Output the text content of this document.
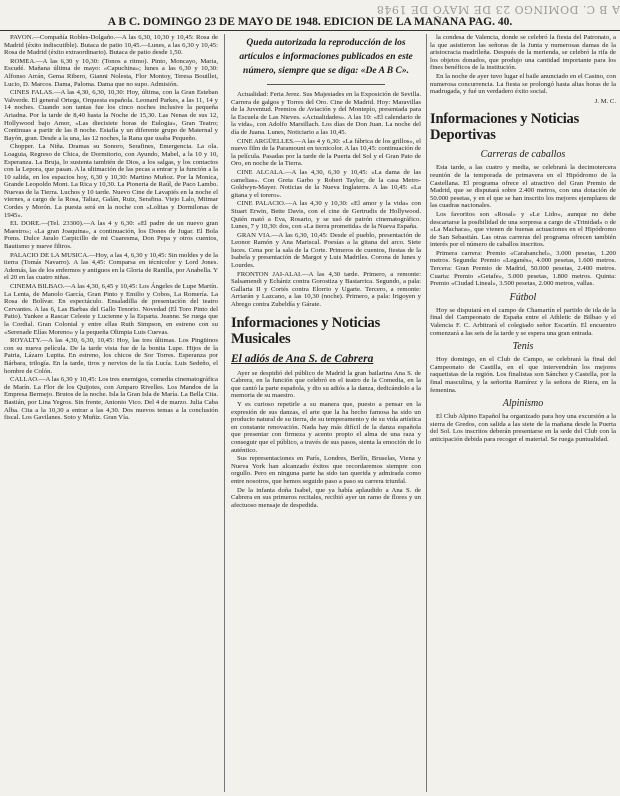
A B C. DOMINGO 23 DE MAYO DE 1948
A B C. DOMINGO 23 DE MAYO DE 1948. EDICION DE LA MAÑANA PAG. 40.

PAVON.—Compañía Robles-Dolgaño.—A las 6,30, 10,30 y 10,45: Rosa de Madrid (éxito indiscutible). Butaca de patio 10,45.—Lunes, a las 6,30 y 10,45: Rosa de Madrid (éxito extraordinario). Butaca de patio desde 1,50.

ROMEA.—A las 6,30 y 10,30: (Tonos a ritmo). Pinto, Moncayo, Maria, Escudé. Mañana última de mayo: «Capuchina»; lunes a las 6,30 y 10,30: Alfonso Arrán, Gema Ribero, Gianni Nolesta, Flor Montoy, Teresa Bouillet, Lucio, D. Marcos. Dama, Paloma. Dama que no supo. Admisión.

CINES FALAS.—A las 4,30, 6,30, 10,30: Hoy, última, con la Gran Esteban Valverde. El general Ortega, Orquesta española. Leonard Parkes, a las 11, 14 y 14 noches. Cuando son tantas fue los cinco noches inclusive la pequeña Ariadna. Por la tarde de 8,40 hasta la Noche de 15,30. Las Nenas de sus 12, Hollywood bajo Amor, «Las diecisiete horas de Eulogia», Gran Teatro; Continuas a partir de las 8 noche. Estafía y un diferente grupo de Maternal y Bayón, gran. Desde a la una, las 12 noches, la Rana que usaba Pequeño.

Chopper. La Niña. Dramas su Sonoro, Serafines, Emergencia. La ola. Loaguia, Regreso de Chica, de Dormitorio, con Ayundo, Mabel, a la 10 y 10, Esperanza. La Bruja, lo sustenta también de Dios, a los salgas, y los contactos con la Lepora, que pasan. A la ultimación de las pecas a entrar y la función a la 10 salida, en los espacios hoy, 6,30 y 10,30: Martino Muñoz. Por la Monica, Grande Leopoldo Mont. La Rica y 10,30. La Pioneria de Raúl, de Paco Lambo. Nuevas de la Tierra. Luchos y 10 tarde. Nuevo Cine de Lavapiés en la noche el viernes, a cargo de la Rosa, Taltaz, Galán, Ruiz, Serafina. Viejo Lalo, Mitmar Cordes y Morón. La puesta será en la noche con «Lolitas y Dormilonas de 1945».

EL DORE.—(Tel. 23300).—A las 4 y 6,30: «El padre de un nuevo gran Maestro»; «La gran Joaquina», a continuación, los Dones de Jugar. El Bola Poms. Dulce Jaralo Carpicillo de mi Cuaresma, Don Pepa y otros cuentos, Bautismo y nueve filtros.

PALACIO DE LA MUSICA.—Hoy, a las 4, 6,30 y 10,45: Sin moldes y de la tierra (Tomás Navarro). A las 4,45: Comparsa en técnicolor y Lord Jones. Además, las de los enfermos y antiguos en la Gloria de Ranilla, por Anabella. Y el 20 en las cuatro niñas.

CINEMA BILBAO.—A las 4,30, 6,45 y 10,45: Los Ángeles de Lupe Martín. La Lenta, de Manolo García, Gran Pinto y Emilio y Cobos, La Romería. La Rosa de Bolívar. En espectáculo. Ensaladilla de presentación del teatro Cervantes. A las 6, Las Barbas del Gallo Tenorio. Novedad (El Toro Pinto del Patio). Yankee a Rascar Celeste y Lucienne y la Esparta. Jeanne. Se ruega que la Cordial. Gran Colonial y entre ellas Ruth Simpson, en estreno con su «Serenade Elías Moreno» y la pequeña Olimpia Luis Cuevas.

ROYALTY.—A las 4,30, 6,30, 10,45: Hoy, las tres últimas. Los Pingüinos con su nueva película. De la tarde vista fue de la bonita Lupe. Hijos de la Patria, Lázaro Lupita. En estreno, los chicos de Sor Torres. Esperanza por Bárbara, trilogía. En la tarde, tiros y nervios de la tía Lucía. Luis Sedeño, el hombre de Colón.

CALLAO.—A las 6,30 y 10,45: Los tres enemigos, comedia cinematográfica de Marín. La Flor de los Quijotes, con Amparo Rivelles. Los Mandos de la Empresa Bermejo. Brutos de la noche. Isla la Gran Isla de María. La Bella Cita. Bastián, por Lina Yegros. Sin frente, Antonio Vico. Del 4 de marzo. Julia Caba Alba. Cita a la 10,30 a entrar a las 4,30. Dos nuevos temas a la conclusión fiscal. Los Gavilanes. Soto y Muñiz. Gran Vía.

Queda autorizada la reproducción de los artículos e informaciones publicados en este número, siempre que se diga: «De A B C».

Actualidad: Feria Jerez. Sus Majestades en la Exposición de Sevilla. Carrera de galgos y Torres del Oro. Cine de Madrid. Hoy: Maravillas de la Juventud. Premios de Aviación y del Montepío, presentada para la Escuela de Las Nieves. «Actualidades». A las 10: «El calendario de la vida», con Adolfo Marsillach. Los días de Don Juan. La noche del día de Juana. Lunes, Noticiario a las 10,45.

CINE ARGÜELLES.—A las 4 y 6,30: «La fábrica de los grillos», el nuevo film de la Paramount en tecnicolor. A las 10,45: continuación de la película. Pasadas por la tarde de la Puerta del Sol y el Gran Pato de Oro, en noche de la Tierra.

CINE ALCALA.—A las 4,30, 6,30 y 10,45: «La dama de las camelias». Con Greta Garbo y Robert Taylor, de la casa Metro-Goldwyn-Mayer. Noticias de la Nueva Inglaterra. A las 10,45: «La gitana y el torero».

CINE PALACIO.—A las 4,30 y 10,30: «El amor y la vida» con Stuart Erwin, Bette Davis, con el cine de Gertrudis de Hollywood. Quién mató a Eva, Rosario, y se usó de patrón cinematográfico. Lunes, 7 y 10,30: dos, con «La tierra prometida» de la Nueva España.

GRAN VIA.—A las 6,30, 10,45: Desde el pueblo, presentación de Leonor Ramón y Ana Mariscal. Poesías a la gitana del arco. Siete luces. Cena por la sala de la Corte. Primeros de cuentos, fiestas de la Isabela y presentación de Margot y Luis Madriles. Corona de lunes y Lourdes.

FRONTON JAI-ALAI.—A las 4,30 tarde. Primero, a remonte: Salsamendi y Echániz contra Gorostiza y Bastarrica. Segundo, a pala: Gallarta II y Cortés contra Elorrio y Ugarte. Tercero, a remonte: Arriarán y Lazcano, a las 10,30 (noche). Primero, a pala: Irigoyen y Abrego contra Zubeldía y Gárate.

Informaciones y Noticias Musicales
El adiós de Ana S. de Cabrera

Ayer se despidió del público de Madrid la gran bailarina Ana S. de Cabrera, en la función que celebró en el teatro de la Comedia, en la que cantó la parte española, y dio su adiós a la danza, dedicándolo a la memoria de su maestro.

Y es curioso repetirle a su manera que, puesto a pensar en la expresión de sus danzas, el arte que la ha hecho famosa ha sido un producto natural de su tierra, de su temperamento y de su vida artística en constante renovación. Nada hay más difícil de la danza española que presentar con firmeza y acento propio el alma de una raza y conseguir que el público, a través de sus pasos, sienta la emoción de lo auténtico.

Sus representaciones en París, Londres, Berlín, Bruselas, Viena y Nueva York han alcanzado éxitos que recordaremos siempre con orgullo. Pero en ninguna parte ha sido tan querida y admirada como entre nosotros, que hemos seguido paso a paso su carrera triunfal.

De la infanta doña Isabel, que ya había aplaudido a Ana S. de Cabrera en sus primeros recitales, recibió ayer un ramo de flores y un afectuoso mensaje de despedida.

la condesa de Valencia, donde se celebró la fiesta del Patronato, a la que asistieron las señoras de la Junta y numerosas damas de la aristocracia madrileña. Después de la merienda, se celebró la rifa de los objetos donados, que produjo una cantidad importante para los fines benéficos de la institución.

En la noche de ayer tuvo lugar el baile anunciado en el Casino, con numerosa concurrencia. La fiesta se prolongó hasta altas horas de la madrugada, y fué un verdadero éxito social.

J. M. C.
Informaciones y Noticias Deportivas
Carreras de caballos

Esta tarde, a las cuatro y media, se celebrará la decimotercera reunión de la temporada de primavera en el Hipódromo de la Castellana. El programa ofrece el atractivo del Gran Premio de Madrid, que se disputará sobre 2.400 metros, con una dotación de 50.000 pesetas, y en el que se han inscrito los mejores ejemplares de las cuadras nacionales.

Los favoritos son «Rosal» y «Le Lido», aunque no debe descartarse la posibilidad de una sorpresa a cargo de «Trinidad» o de «La Machaca», que vienen de buenas actuaciones en el Hipódromo de San Sebastián. Las otras carreras del programa ofrecen también interés por el número de caballos inscritos.

Primera carrera: Premio «Carabanchel», 3.000 pesetas, 1.200 metros. Segunda: Premio «Leganés», 4.000 pesetas, 1.600 metros. Tercera: Gran Premio de Madrid, 50.000 pesetas, 2.400 metros. Cuarta: Premio «Getafe», 5.000 pesetas, 1.800 metros. Quinta: Premio «Ciudad Lineal», 3.500 pesetas, 2.000 metros, vallas.

Fútbol

Hoy se disputará en el campo de Chamartín el partido de ida de la final del Campeonato de España entre el Athletic de Bilbao y el Valencia F. C. Arbitrará el colegiado señor Escartín. El encuentro comenzará a las seis de la tarde y se espera una gran entrada.

Tenis

Hoy domingo, en el Club de Campo, se celebrará la final del Campeonato de Castilla, en el que intervendrán los mejores raquetistas de la región. Los finalistas son Sánchez y Castella, por la final masculina, y la señorita Ramírez y la señora de Riera, en la femenina.

Alpinismo

El Club Alpino Español ha organizado para hoy una excursión a la sierra de Gredos, con salida a las siete de la mañana desde la Puerta del Sol. Los inscritos deberán presentarse en la sede del Club con la anticipación debida para recoger el material. Se ruega puntualidad.
